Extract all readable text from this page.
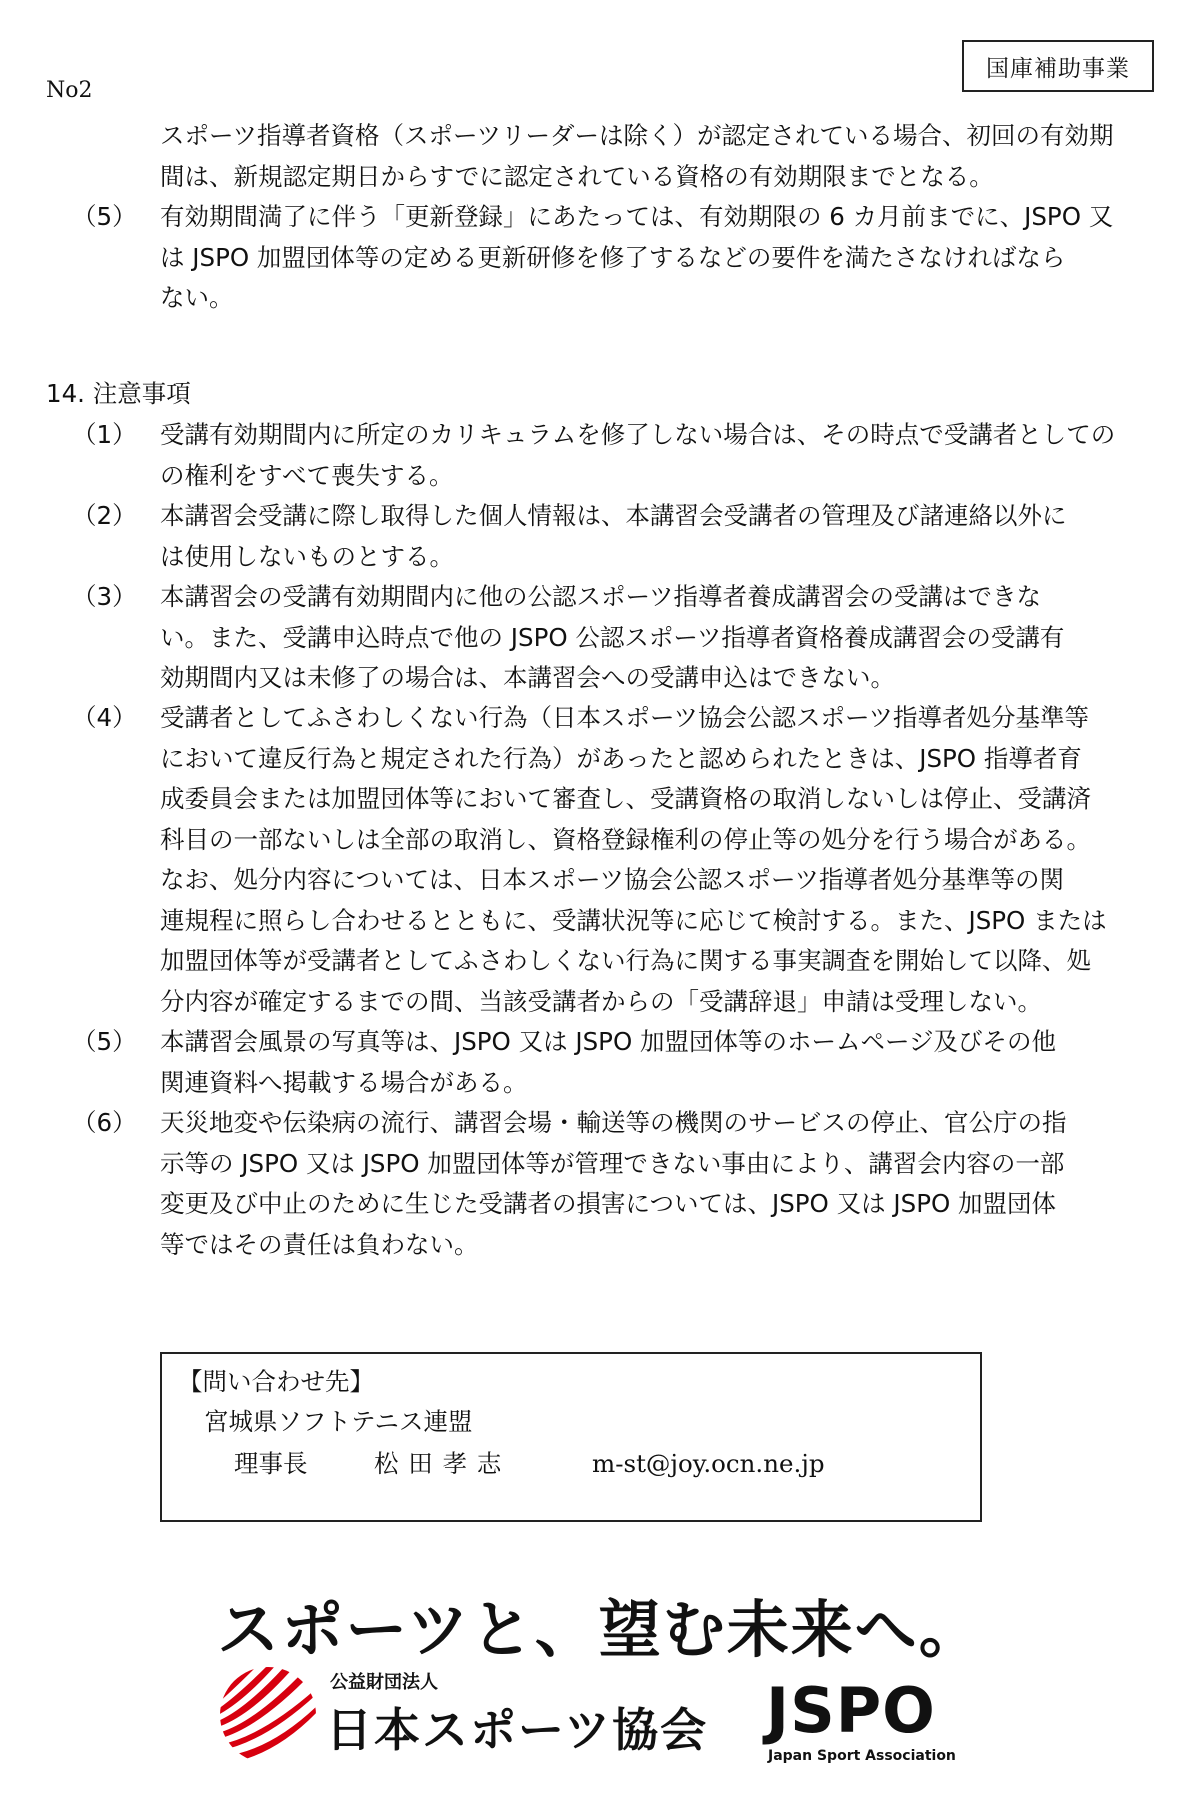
No2
国庫補助事業
スポーツ指導者資格（スポーツリーダーは除く）が認定されている場合、初回の有効期
間は、新規認定期日からすでに認定されている資格の有効期限までとなる。
（5） 有効期間満了に伴う「更新登録」にあたっては、有効期限の 6 カ月前までに、JSPO 又
は JSPO 加盟団体等の定める更新研修を修了するなどの要件を満たさなければなら
ない。
14. 注意事項
（1） 受講有効期間内に所定のカリキュラムを修了しない場合は、その時点で受講者としての
の権利をすべて喪失する。
（2） 本講習会受講に際し取得した個人情報は、本講習会受講者の管理及び諸連絡以外に
は使用しないものとする。
（3） 本講習会の受講有効期間内に他の公認スポーツ指導者養成講習会の受講はできな
い。また、受講申込時点で他の JSPO 公認スポーツ指導者資格養成講習会の受講有
効期間内又は未修了の場合は、本講習会への受講申込はできない。
（4） 受講者としてふさわしくない行為（日本スポーツ協会公認スポーツ指導者処分基準等
において違反行為と規定された行為）があったと認められたときは、JSPO 指導者育
成委員会または加盟団体等において審査し、受講資格の取消しないしは停止、受講済
科目の一部ないしは全部の取消し、資格登録権利の停止等の処分を行う場合がある。
なお、処分内容については、日本スポーツ協会公認スポーツ指導者処分基準等の関
連規程に照らし合わせるとともに、受講状況等に応じて検討する。また、JSPO または
加盟団体等が受講者としてふさわしくない行為に関する事実調査を開始して以降、処
分内容が確定するまでの間、当該受講者からの「受講辞退」申請は受理しない。
（5） 本講習会風景の写真等は、JSPO 又は JSPO 加盟団体等のホームページ及びその他
関連資料へ掲載する場合がある。
（6） 天災地変や伝染病の流行、講習会場・輸送等の機関のサービスの停止、官公庁の指
示等の JSPO 又は JSPO 加盟団体等が管理できない事由により、講習会内容の一部
変更及び中止のために生じた受講者の損害については、JSPO 又は JSPO 加盟団体
等ではその責任は負わない。
【問い合わせ先】
宮城県ソフトテニス連盟
理事長	松 田 孝 志	m-st@joy.ocn.ne.jp
スポーツと、望む未来へ。
公益財団法人
日本スポーツ協会 JSPO
Japan Sport Association
